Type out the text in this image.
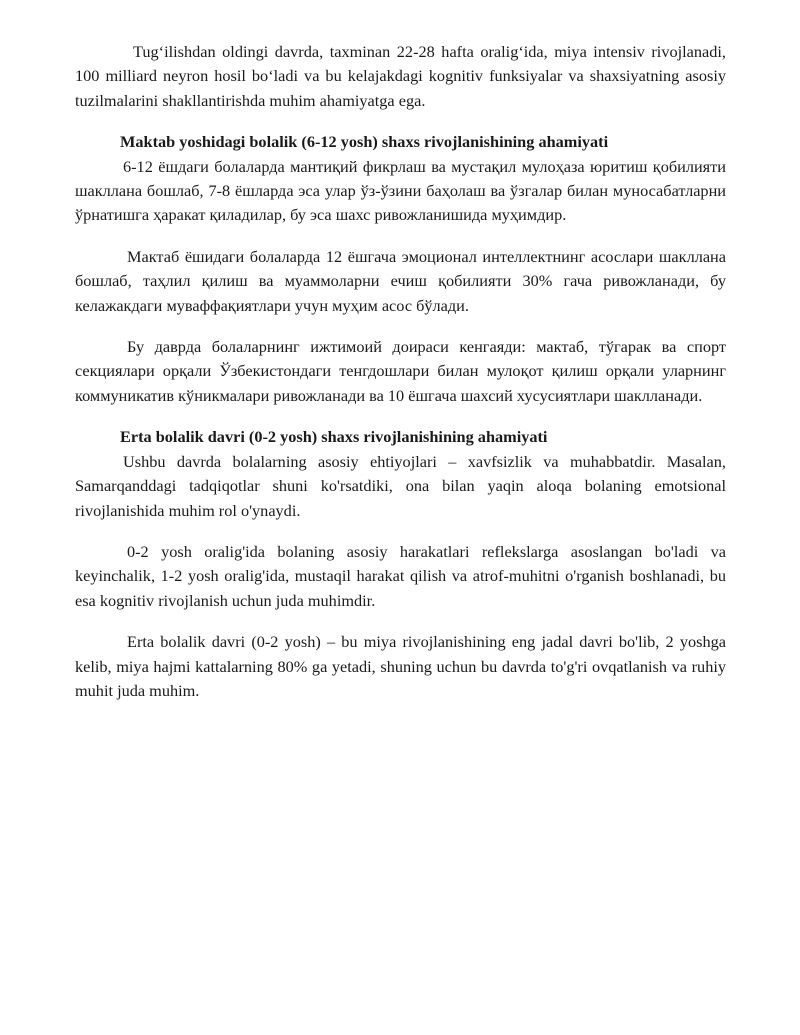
Tug‘ilishdan oldingi davrda, taxminan 22-28 hafta oralig‘ida, miya intensiv rivojlanadi, 100 milliard neyron hosil bo‘ladi va bu kelajakdagi kognitiv funksiyalar va shaxsiyatning asosiy tuzilmalarini shakllantirishda muhim ahamiyatga ega.

Maktab yoshidagi bolalik (6-12 yosh) shaxs rivojlanishining ahamiyati

6-12 ёшдаги болаларда мантиқий фикрлаш ва мустақил мулоҳаза юритиш қобилияти шакллана бошлаб, 7-8 ёшларда эса улар ўз-ўзини баҳолаш ва ўзгалар билан муносабатларни ўрнатишга ҳаракат қиладилар, бу эса шахс ривожланишида муҳимдир.

Мактаб ёшидаги болаларда 12 ёшгача эмоционал интеллектнинг асослари шакллана бошлаб, таҳлил қилиш ва муаммоларни ечиш қобилияти 30% гача ривожланади, бу келажакдаги муваффақиятлари учун муҳим асос бўлади.

Бу даврда болаларнинг ижтимоий доираси кенгаяди: мактаб, тўгарак ва спорт секциялари орқали Ўзбекистондаги тенгдошлари билан мулоқот қилиш орқали уларнинг коммуникатив кўникмалари ривожланади ва 10 ёшгача шахсий хусусиятлари шаклланади.

Erta bolalik davri (0-2 yosh) shaxs rivojlanishining ahamiyati

Ushbu davrda bolalarning asosiy ehtiyojlari – xavfsizlik va muhabbatdir. Masalan, Samarqanddagi tadqiqotlar shuni ko'rsatdiki, ona bilan yaqin aloqa bolaning emotsional rivojlanishida muhim rol o'ynaydi.

0-2 yosh oralig'ida bolaning asosiy harakatlari reflekslarga asoslangan bo'ladi va keyinchalik, 1-2 yosh oralig'ida, mustaqil harakat qilish va atrof-muhitni o'rganish boshlanadi, bu esa kognitiv rivojlanish uchun juda muhimdir.

Erta bolalik davri (0-2 yosh) – bu miya rivojlanishining eng jadal davri bo'lib, 2 yoshga kelib, miya hajmi kattalarning 80% ga yetadi, shuning uchun bu davrda to'g'ri ovqatlanish va ruhiy muhit juda muhim.
